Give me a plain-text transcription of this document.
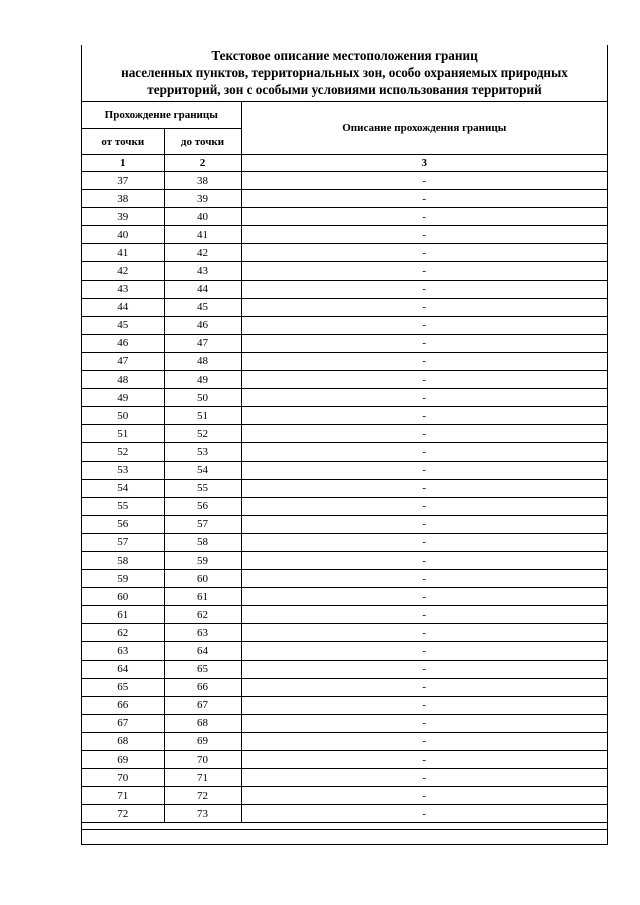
Текстовое описание местоположения границ
населенных пунктов, территориальных зон, особо охраняемых природных
территорий, зон с особыми условиями использования территорий
Прохождение границы		Описание прохождения границы
от точки	до точки	
1	2	3
37	38	-
38	39	-
39	40	-
40	41	-
41	42	-
42	43	-
43	44	-
44	45	-
45	46	-
46	47	-
47	48	-
48	49	-
49	50	-
50	51	-
51	52	-
52	53	-
53	54	-
54	55	-
55	56	-
56	57	-
57	58	-
58	59	-
59	60	-
60	61	-
61	62	-
62	63	-
63	64	-
64	65	-
65	66	-
66	67	-
67	68	-
68	69	-
69	70	-
70	71	-
71	72	-
72	73	-
